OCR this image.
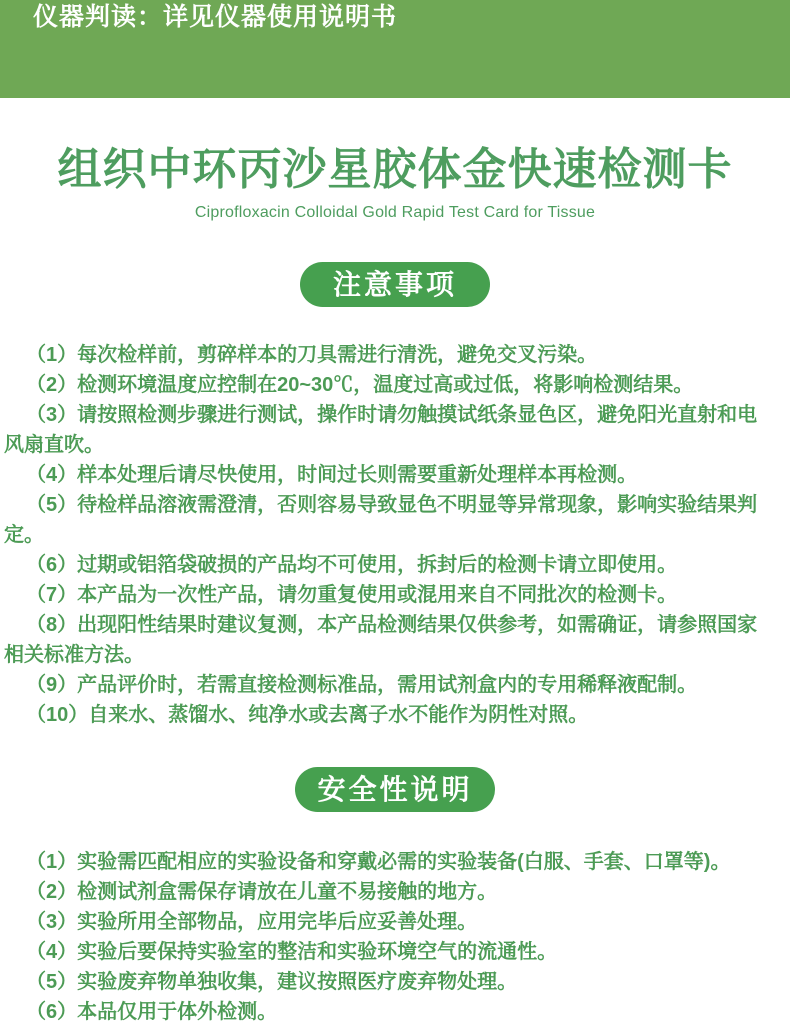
仪器判读：详见仪器使用说明书
组织中环丙沙星胶体金快速检测卡
Ciprofloxacin Colloidal Gold Rapid Test Card for Tissue
注意事项

（1）每次检样前，剪碎样本的刀具需进行清洗，避免交叉污染。

（2）检测环境温度应控制在20~30℃，温度过高或过低，将影响检测结果。

（3）请按照检测步骤进行测试，操作时请勿触摸试纸条显色区，避免阳光直射和电风扇直吹。

（4）样本处理后请尽快使用，时间过长则需要重新处理样本再检测。

（5）待检样品溶液需澄清，否则容易导致显色不明显等异常现象，影响实验结果判定。

（6）过期或铝箔袋破损的产品均不可使用，拆封后的检测卡请立即使用。

（7）本产品为一次性产品，请勿重复使用或混用来自不同批次的检测卡。

（8）出现阳性结果时建议复测，本产品检测结果仅供参考，如需确证，请参照国家相关标准方法。

（9）产品评价时，若需直接检测标准品，需用试剂盒内的专用稀释液配制。

（10）自来水、蒸馏水、纯净水或去离子水不能作为阴性对照。

安全性说明

（1）实验需匹配相应的实验设备和穿戴必需的实验装备(白服、手套、口罩等)。

（2）检测试剂盒需保存请放在儿童不易接触的地方。

（3）实验所用全部物品，应用完毕后应妥善处理。

（4）实验后要保持实验室的整洁和实验环境空气的流通性。

（5）实验废弃物单独收集，建议按照医疗废弃物处理。

（6）本品仅用于体外检测。
